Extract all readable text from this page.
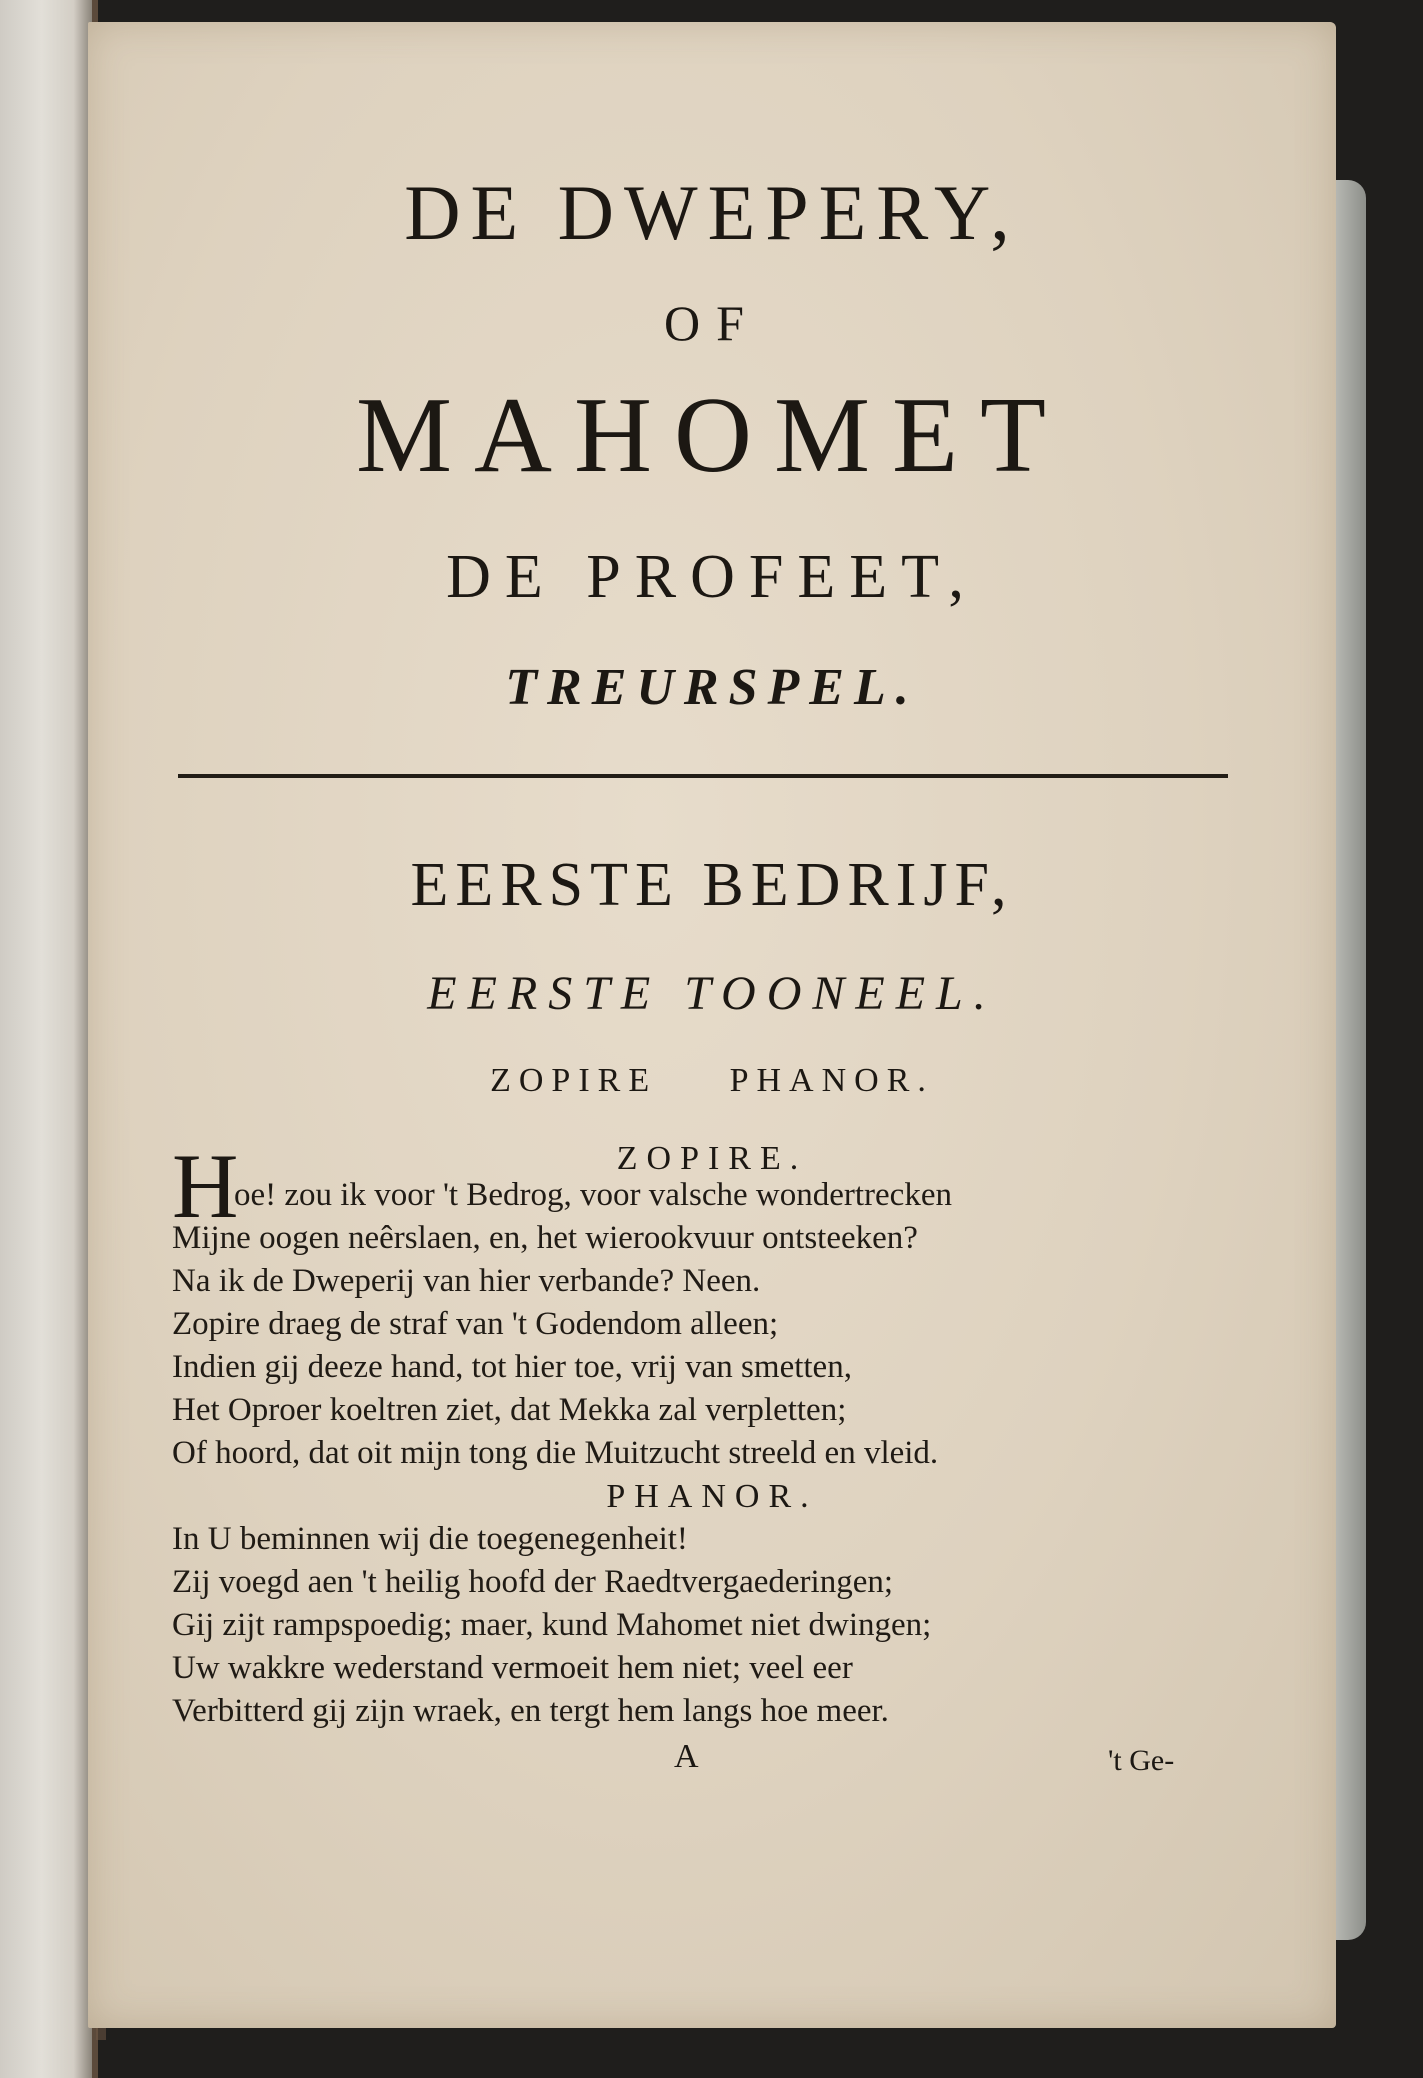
DE DWEPERY,
OF
MAHOMET
DE PROFEET,
TREURSPEL.
EERSTE BEDRIJF,
EERSTE TOONEEL.
ZOPIRE PHANOR.
ZOPIRE.
H
oe! zou ik voor 't Bedrog, voor valsche wondertrecken
Mijne oogen neêrslaen, en, het wierookvuur ontsteeken?
Na ik de Dweperij van hier verbande? Neen.
Zopire draeg de straf van 't Godendom alleen;
Indien gij deeze hand, tot hier toe, vrij van smetten,
Het Oproer koeltren ziet, dat Mekka zal verpletten;
Of hoord, dat oit mijn tong die Muitzucht streeld en vleid.
PHANOR.
In U beminnen wij die toegenegenheit!
Zij voegd aen 't heilig hoofd der Raedtvergaederingen;
Gij zijt rampspoedig; maer, kund Mahomet niet dwingen;
Uw wakkre wederstand vermoeit hem niet; veel eer
Verbitterd gij zijn wraek, en tergt hem langs hoe meer.
A	't Ge-
